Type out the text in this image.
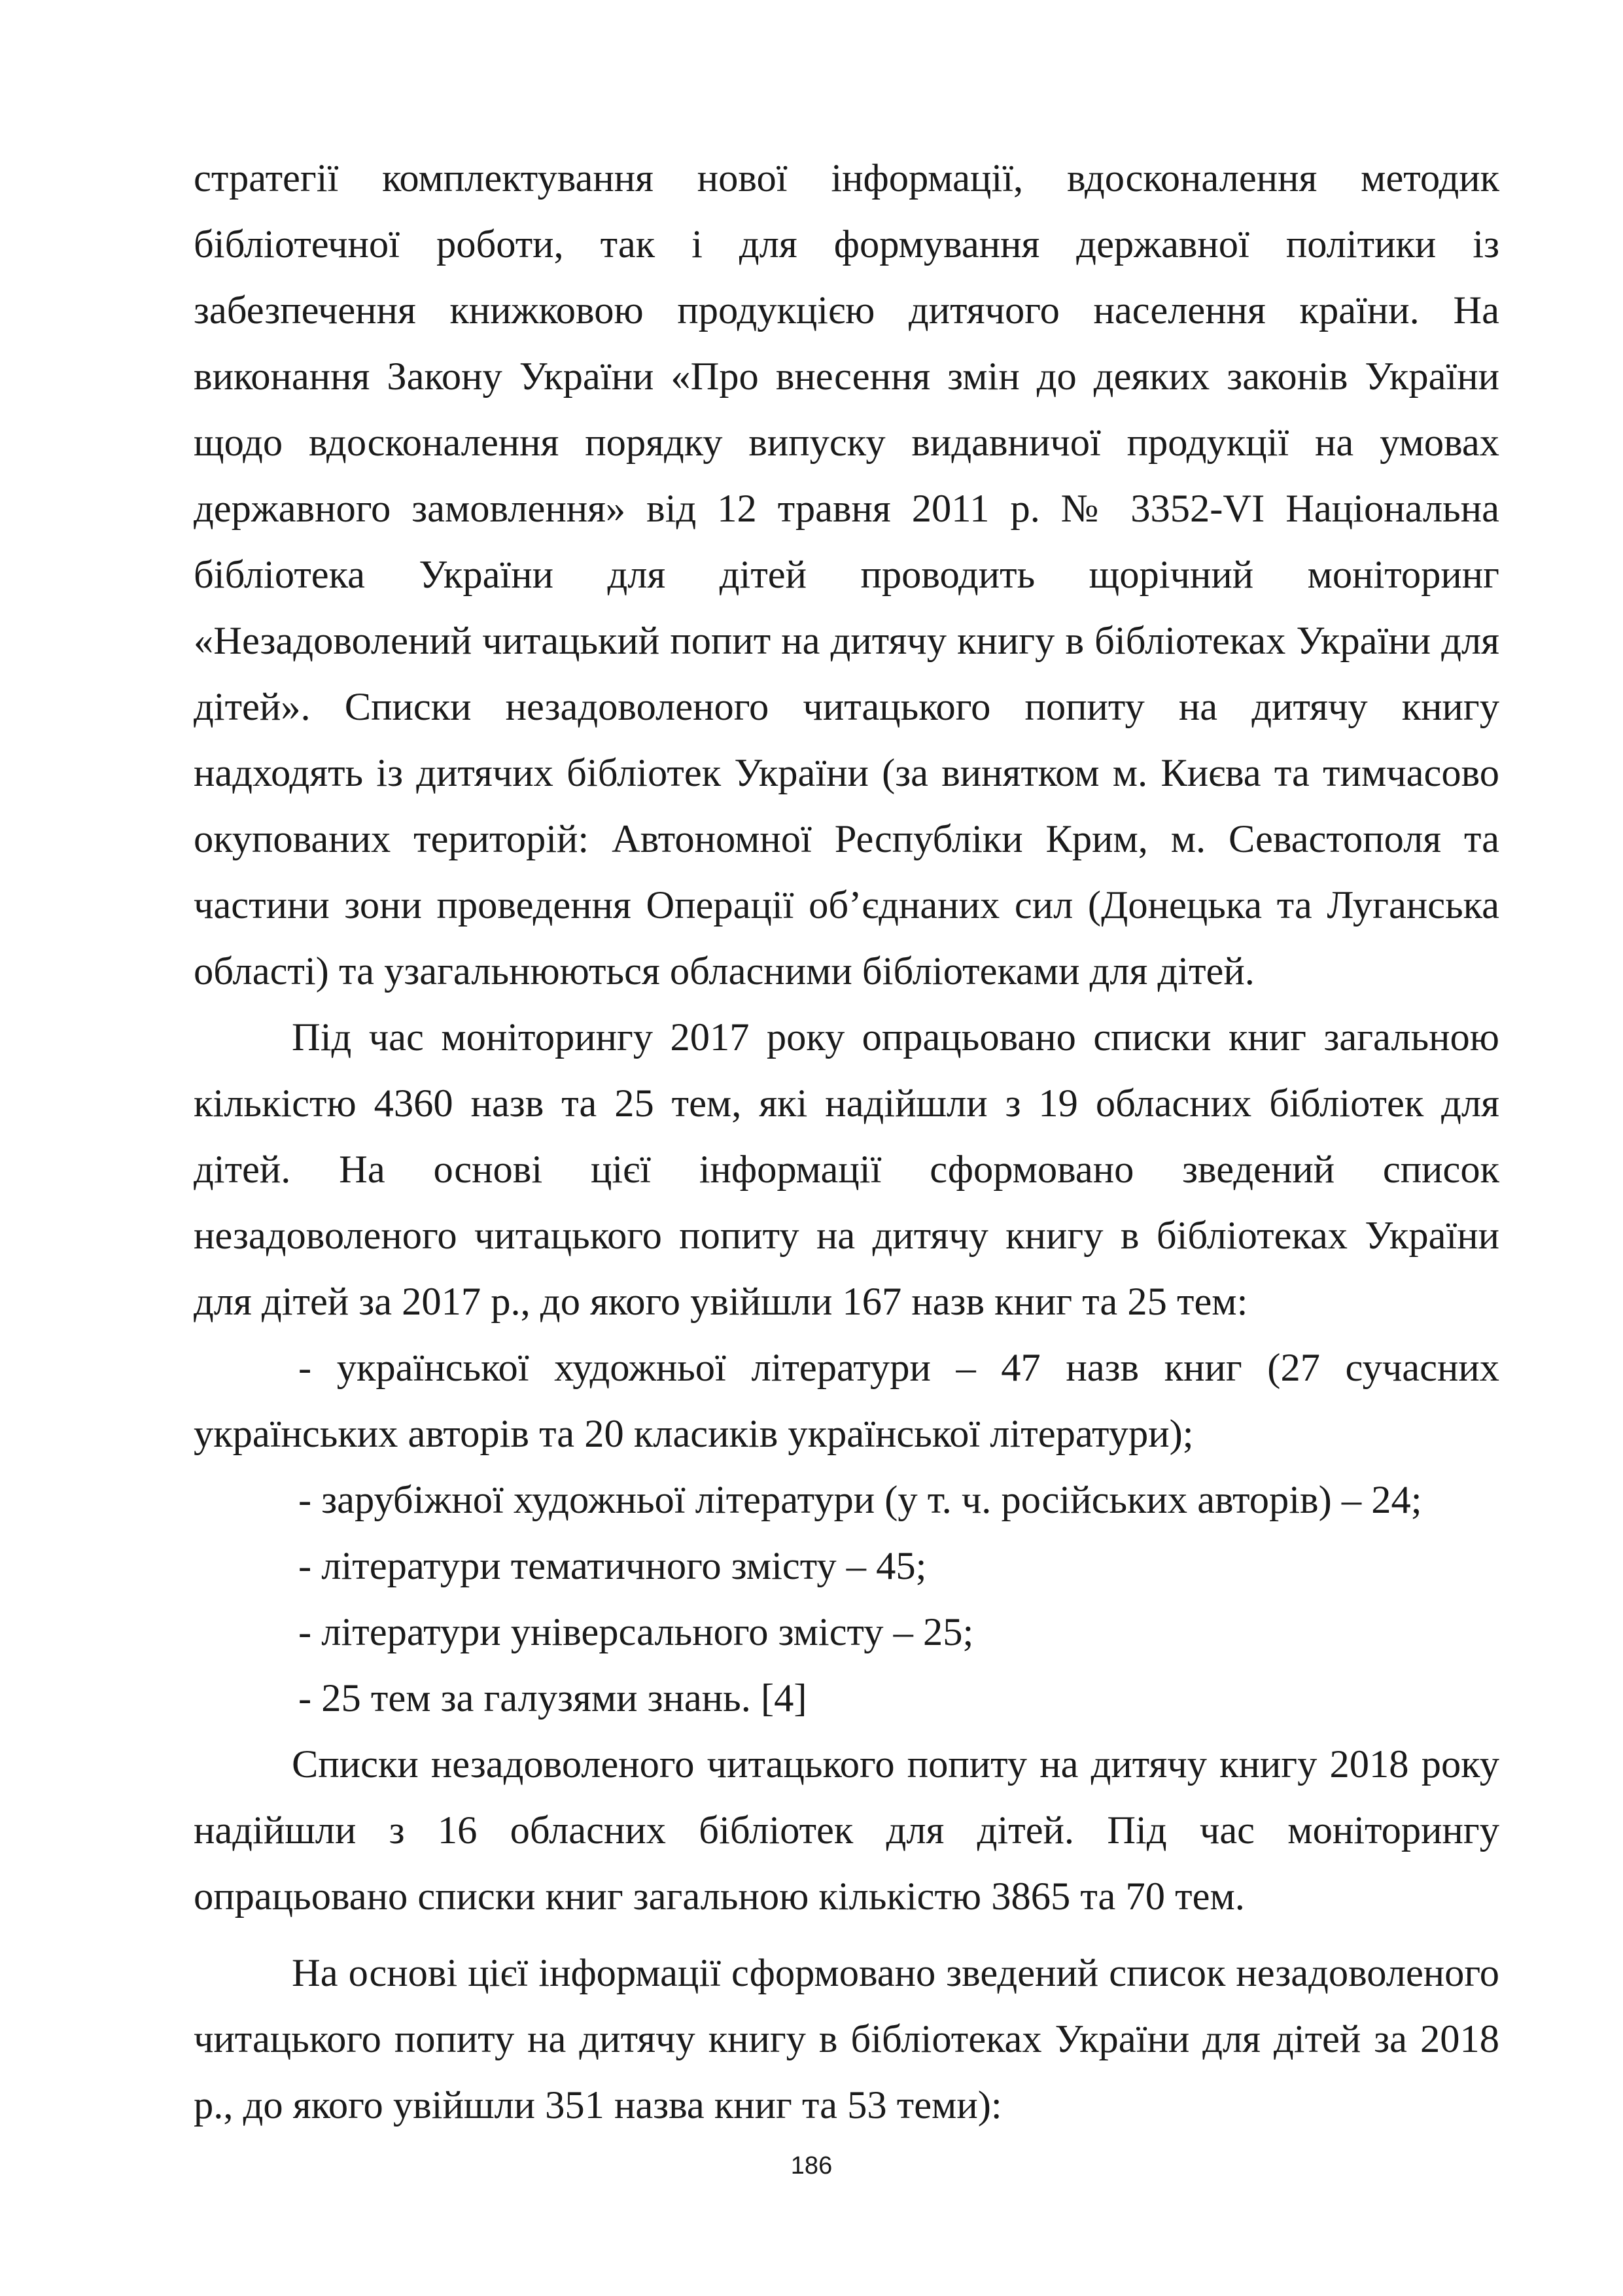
стратегії комплектування нової інформації, вдосконалення методик бібліотечної роботи, так і для формування державної політики із забезпечення книжковою продукцією дитячого населення країни. На виконання Закону України «Про внесення змін до деяких законів України щодо вдосконалення порядку випуску видавничої продукції на умовах державного замовлення» від 12 травня 2011 р. № 3352-VI Національна бібліотека України для дітей проводить щорічний моніторинг «Незадоволений читацький попит на дитячу книгу в бібліотеках України для дітей». Списки незадоволеного читацького попиту на дитячу книгу надходять із дитячих бібліотек України (за винятком м. Києва та тимчасово окупованих територій: Автономної Республіки Крим, м. Севастополя та частини зони проведення Операції об’єднаних сил (Донецька та Луганська області) та узагальнюються обласними бібліотеками для дітей.

Під час моніторингу 2017 року опрацьовано списки книг загальною кількістю 4360 назв та 25 тем, які надійшли з 19 обласних бібліотек для дітей. На основі цієї інформації сформовано зведений список незадоволеного читацького попиту на дитячу книгу в бібліотеках України для дітей за 2017 р., до якого увійшли 167 назв книг та 25 тем:

- української художньої літератури – 47 назв книг (27 сучасних українських авторів та 20 класиків української літератури);

- зарубіжної художньої літератури (у т. ч. російських авторів) – 24;

- літератури тематичного змісту – 45;

- літератури універсального змісту – 25;

- 25 тем за галузями знань. [4]

Списки незадоволеного читацького попиту на дитячу книгу 2018 року надійшли з 16 обласних бібліотек для дітей. Під час моніторингу опрацьовано списки книг загальною кількістю 3865 та 70 тем.

На основі цієї інформації сформовано зведений список незадоволеного читацького попиту на дитячу книгу в бібліотеках України для дітей за 2018 р., до якого увійшли 351 назва книг та 53 теми):

186
